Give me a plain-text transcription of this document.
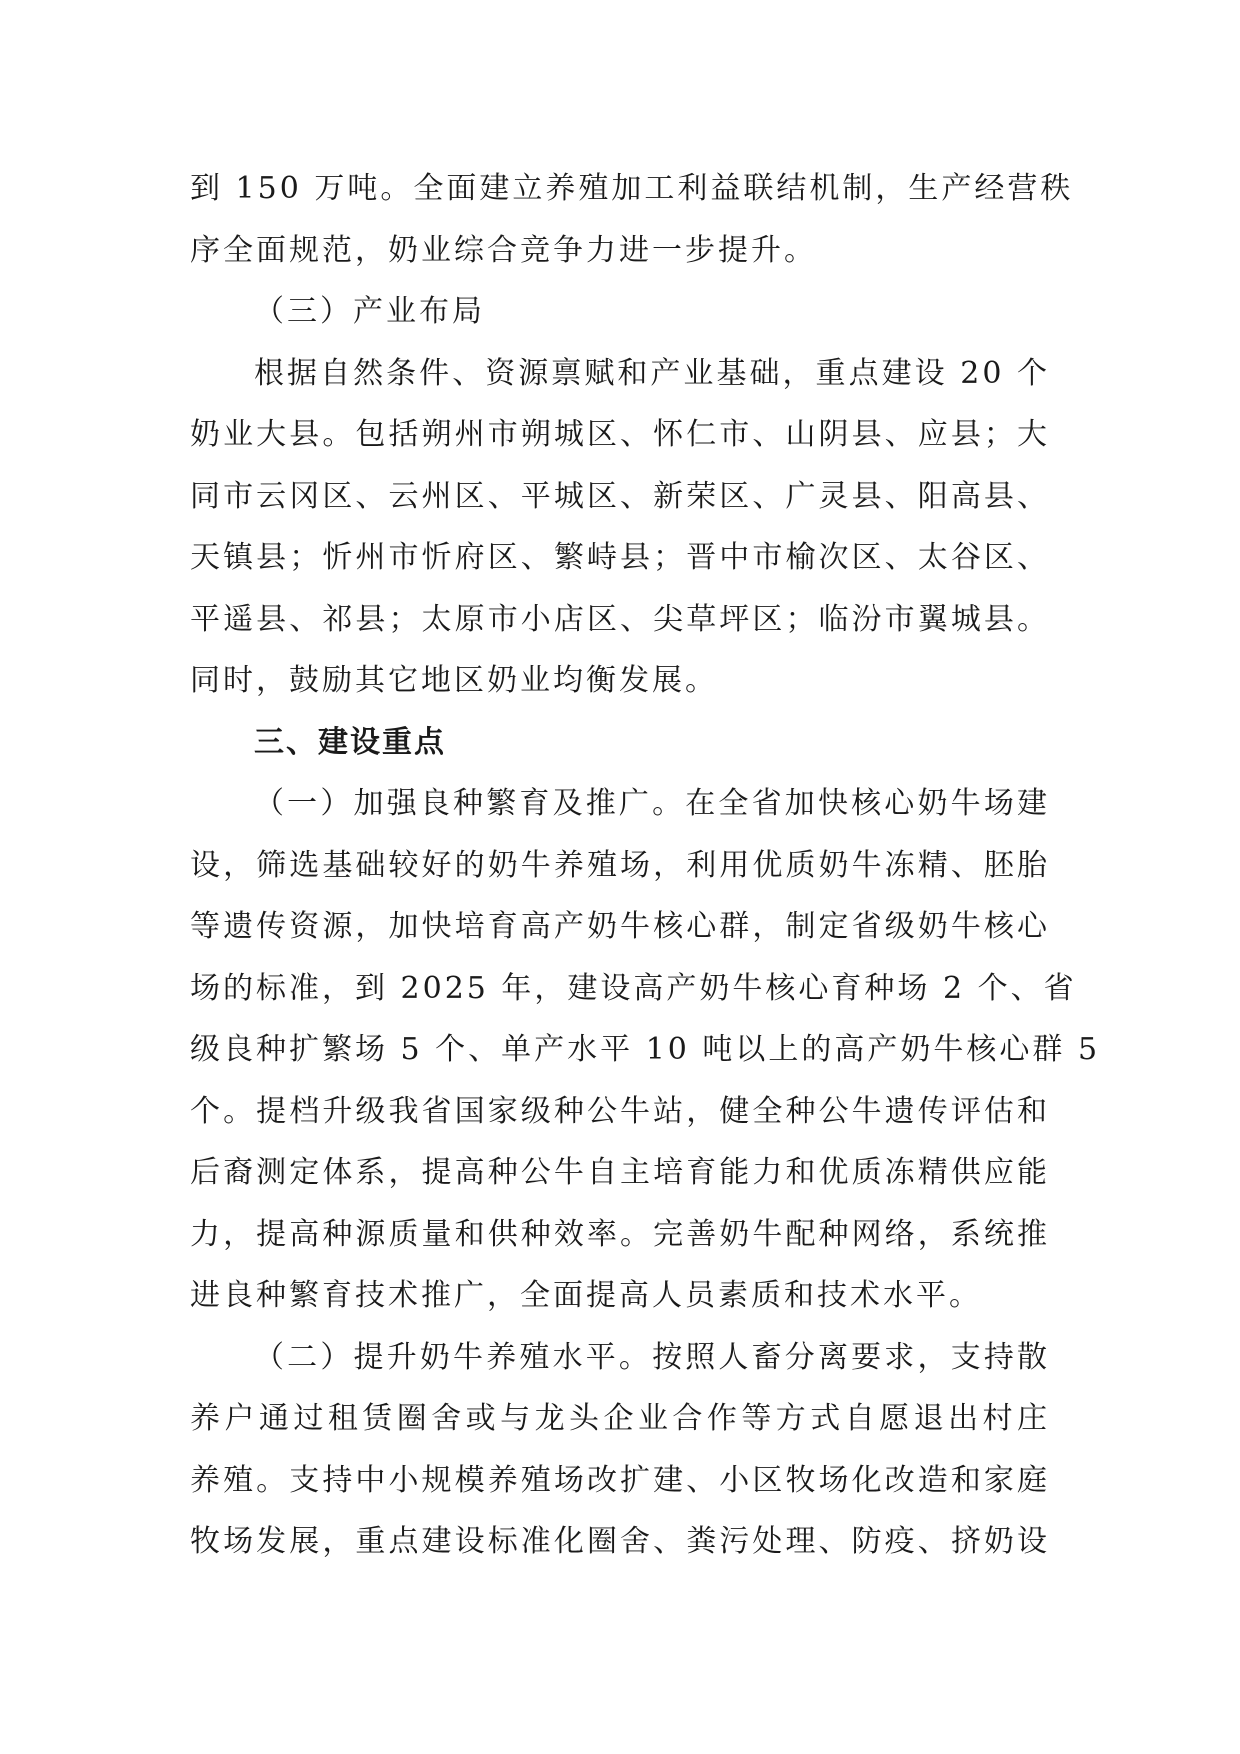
到 150 万吨。全面建立养殖加工利益联结机制，生产经营秩
序全面规范，奶业综合竞争力进一步提升。
（三）产业布局
根据自然条件、资源禀赋和产业基础，重点建设 20 个
奶业大县。包括朔州市朔城区、怀仁市、山阴县、应县；大
同市云冈区、云州区、平城区、新荣区、广灵县、阳高县、
天镇县；忻州市忻府区、繁峙县；晋中市榆次区、太谷区、
平遥县、祁县；太原市小店区、尖草坪区；临汾市翼城县。
同时，鼓励其它地区奶业均衡发展。
三、建设重点
（一）加强良种繁育及推广。在全省加快核心奶牛场建
设，筛选基础较好的奶牛养殖场，利用优质奶牛冻精、胚胎
等遗传资源，加快培育高产奶牛核心群，制定省级奶牛核心
场的标准，到 2025 年，建设高产奶牛核心育种场 2 个、省
级良种扩繁场 5 个、单产水平 10 吨以上的高产奶牛核心群 5
个。提档升级我省国家级种公牛站，健全种公牛遗传评估和
后裔测定体系，提高种公牛自主培育能力和优质冻精供应能
力，提高种源质量和供种效率。完善奶牛配种网络，系统推
进良种繁育技术推广，全面提高人员素质和技术水平。
（二）提升奶牛养殖水平。按照人畜分离要求，支持散
养户通过租赁圈舍或与龙头企业合作等方式自愿退出村庄
养殖。支持中小规模养殖场改扩建、小区牧场化改造和家庭
牧场发展，重点建设标准化圈舍、粪污处理、防疫、挤奶设
